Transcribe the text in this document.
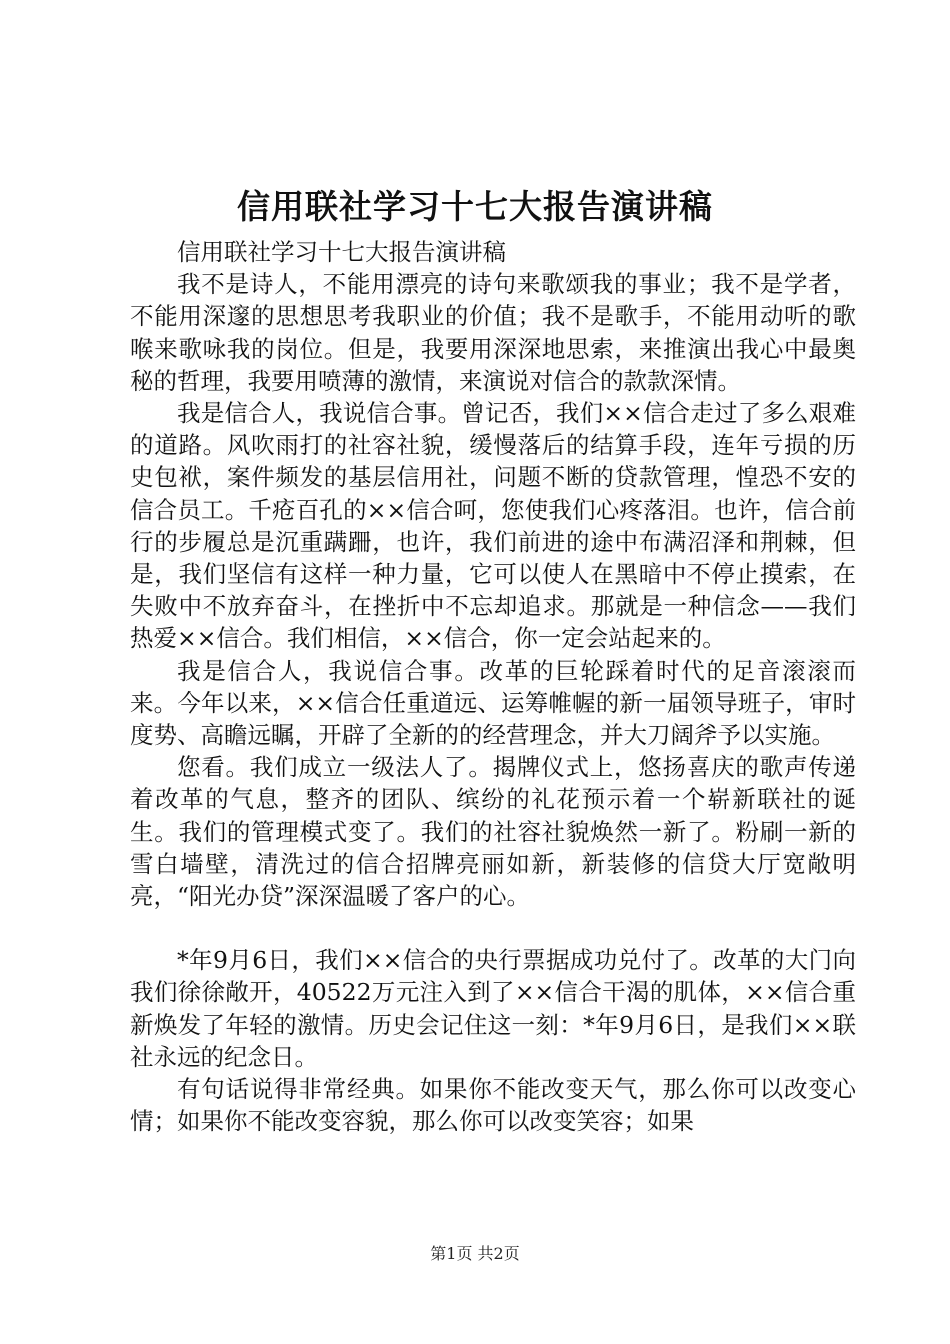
信用联社学习十七大报告演讲稿

信用联社学习十七大报告演讲稿

我不是诗人，不能用漂亮的诗句来歌颂我的事业；我不是学者，不能用深邃的思想思考我职业的价值；我不是歌手，不能用动听的歌喉来歌咏我的岗位。但是，我要用深深地思索，来推演出我心中最奥秘的哲理，我要用喷薄的激情，来演说对信合的款款深情。

我是信合人，我说信合事。曾记否，我们××信合走过了多么艰难的道路。风吹雨打的社容社貌，缓慢落后的结算手段，连年亏损的历史包袱，案件频发的基层信用社，问题不断的贷款管理，惶恐不安的信合员工。千疮百孔的××信合呵，您使我们心疼落泪。也许，信合前行的步履总是沉重蹒跚，也许，我们前进的途中布满沼泽和荆棘，但是，我们坚信有这样一种力量，它可以使人在黑暗中不停止摸索，在失败中不放弃奋斗，在挫折中不忘却追求。那就是一种信念——我们热爱××信合。我们相信，××信合，你一定会站起来的。

我是信合人，我说信合事。改革的巨轮踩着时代的足音滚滚而来。今年以来，××信合任重道远、运筹帷幄的新一届领导班子，审时度势、高瞻远瞩，开辟了全新的的经营理念，并大刀阔斧予以实施。

您看。我们成立一级法人了。揭牌仪式上，悠扬喜庆的歌声传递着改革的气息，整齐的团队、缤纷的礼花预示着一个崭新联社的诞生。我们的管理模式变了。我们的社容社貌焕然一新了。粉刷一新的雪白墙壁，清洗过的信合招牌亮丽如新，新装修的信贷大厅宽敞明亮，“阳光办贷”深深温暖了客户的心。

*年9月6日，我们××信合的央行票据成功兑付了。改革的大门向我们徐徐敞开，40522万元注入到了××信合干渴的肌体，××信合重新焕发了年轻的激情。历史会记住这一刻：*年9月6日，是我们××联社永远的纪念日。

有句话说得非常经典。如果你不能改变天气，那么你可以改变心情；如果你不能改变容貌，那么你可以改变笑容；如果

第1页 共2页
